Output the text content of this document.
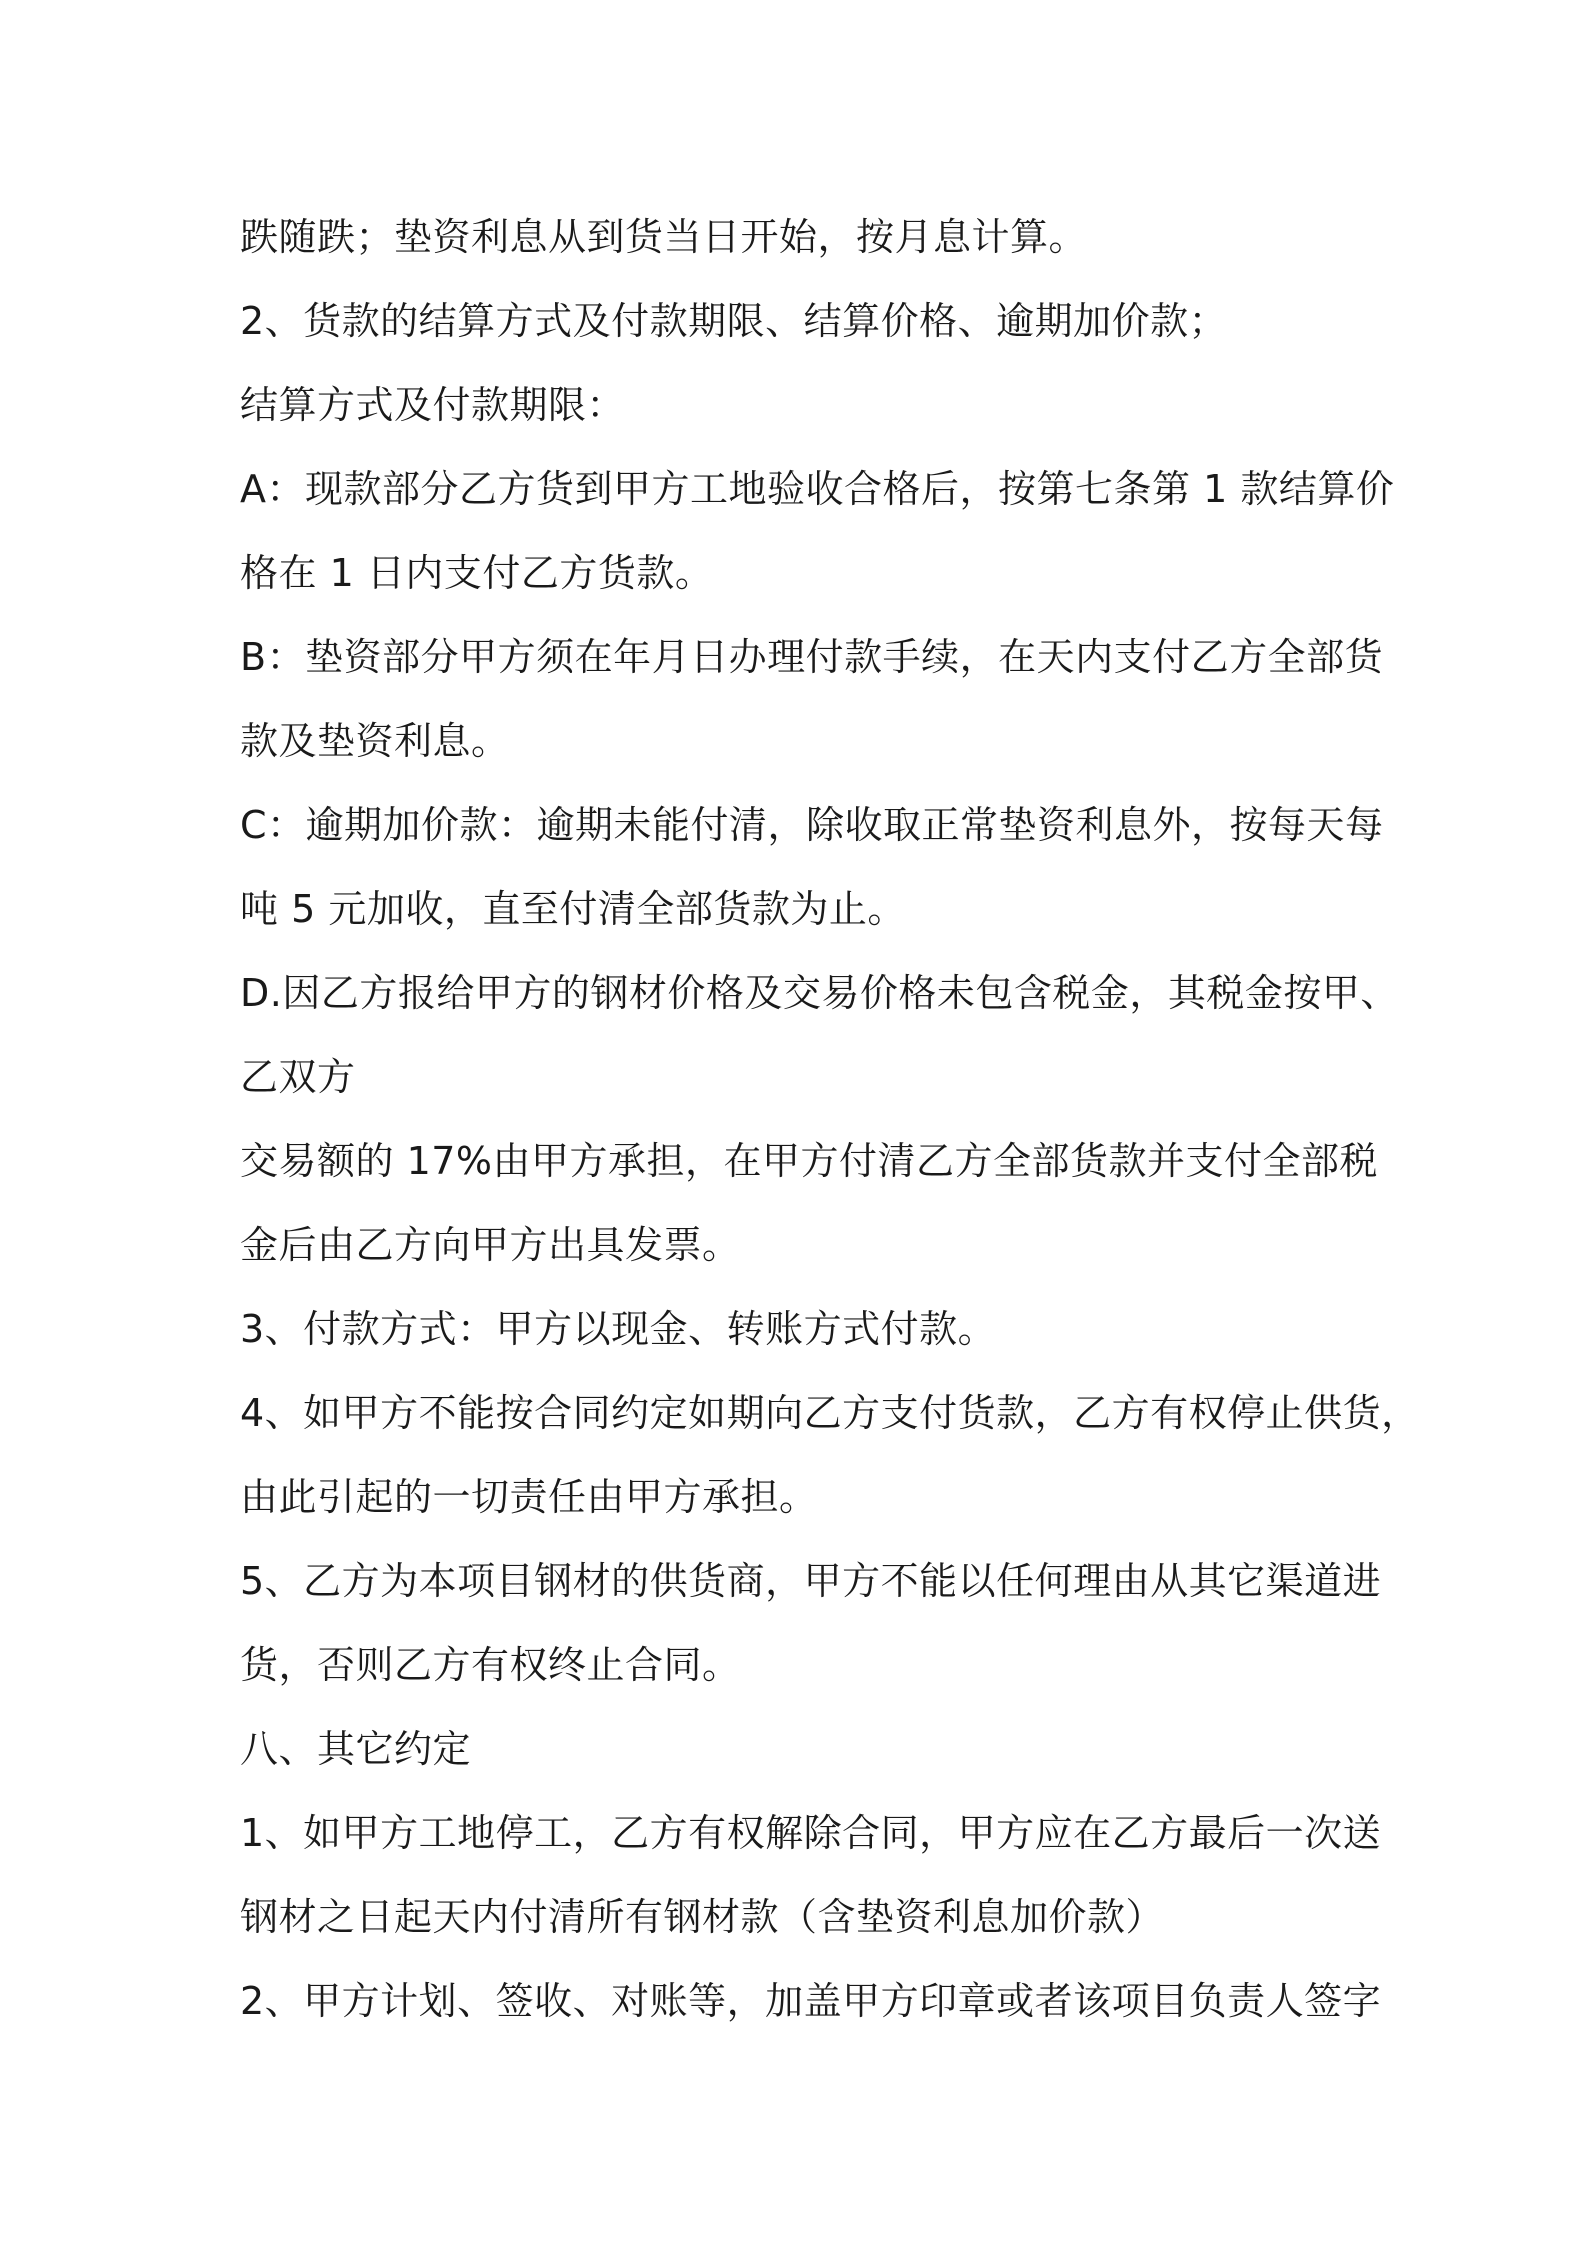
跌随跌；垫资利息从到货当日开始，按月息计算。
2、货款的结算方式及付款期限、结算价格、逾期加价款；
结算方式及付款期限：
A：现款部分乙方货到甲方工地验收合格后，按第七条第 1 款结算价
格在 1 日内支付乙方货款。
B：垫资部分甲方须在年月日办理付款手续，在天内支付乙方全部货
款及垫资利息。
C：逾期加价款：逾期未能付清，除收取正常垫资利息外，按每天每
吨 5 元加收，直至付清全部货款为止。
D.因乙方报给甲方的钢材价格及交易价格未包含税金，其税金按甲、
乙双方
交易额的 17%由甲方承担，在甲方付清乙方全部货款并支付全部税
金后由乙方向甲方出具发票。
3、付款方式：甲方以现金、转账方式付款。
4、如甲方不能按合同约定如期向乙方支付货款，乙方有权停止供货，
由此引起的一切责任由甲方承担。
5、乙方为本项目钢材的供货商，甲方不能以任何理由从其它渠道进
货，否则乙方有权终止合同。
八、其它约定
1、如甲方工地停工，乙方有权解除合同，甲方应在乙方最后一次送
钢材之日起天内付清所有钢材款（含垫资利息加价款）
2、甲方计划、签收、对账等，加盖甲方印章或者该项目负责人签字
